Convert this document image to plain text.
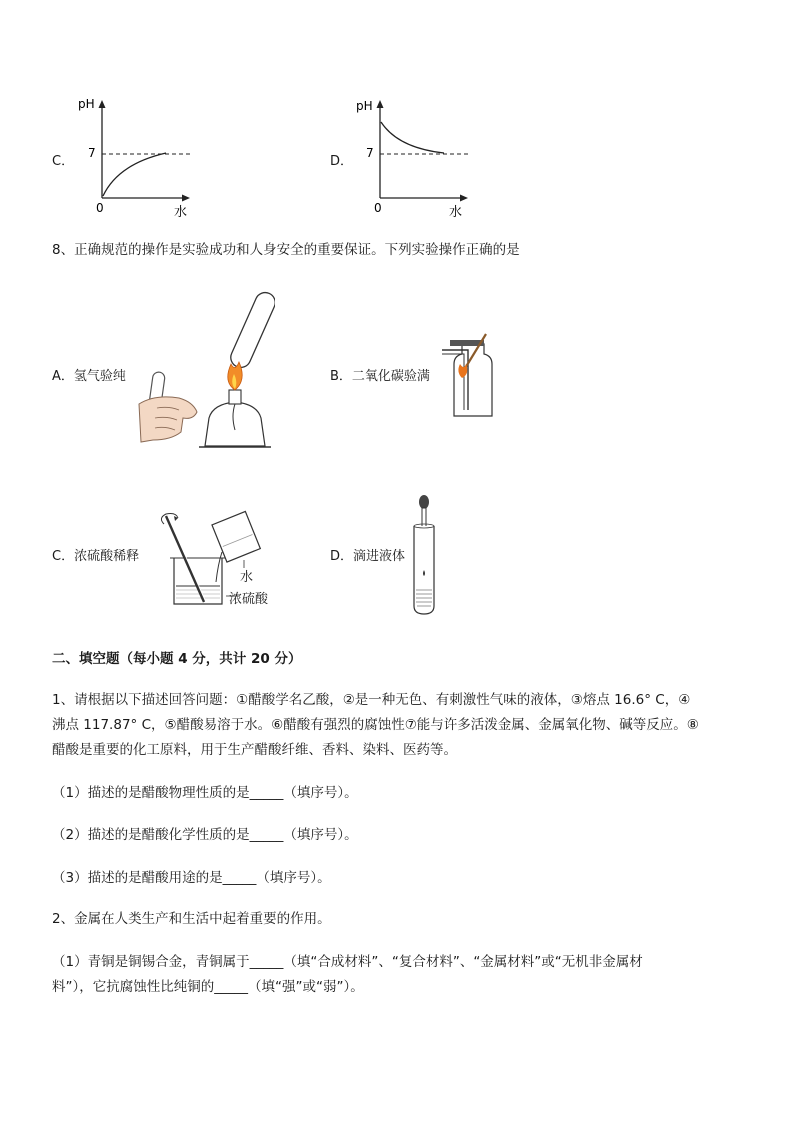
C．
pH
7
0	水
D．
pH
7
0	水
8、正确规范的操作是实验成功和人身安全的重要保证。下列实验操作正确的是
A．氢气验纯	B．二氧化碳验满
C．浓硫酸稀释
水
浓硫酸
D．滴进液体
二、填空题（每小题 4 分，共计 20 分）
1、请根据以下描述回答问题：①醋酸学名乙酸，②是一种无色、有刺激性气味的液体，③熔点 16.6° C，④
沸点 117.87° C，⑤醋酸易溶于水。⑥醋酸有强烈的腐蚀性⑦能与许多活泼金属、金属氧化物、碱等反应。⑧
醋酸是重要的化工原料，用于生产醋酸纤维、香料、染料、医药等。
（1）描述的是醋酸物理性质的是_____（填序号）。
（2）描述的是醋酸化学性质的是_____（填序号）。
（3）描述的是醋酸用途的是_____（填序号）。
2、金属在人类生产和生活中起着重要的作用。
（1）青铜是铜锡合金，青铜属于_____（填“合成材料”、“复合材料”、“金属材料”或“无机非金属材
料”），它抗腐蚀性比纯铜的_____（填“强”或“弱”）。
